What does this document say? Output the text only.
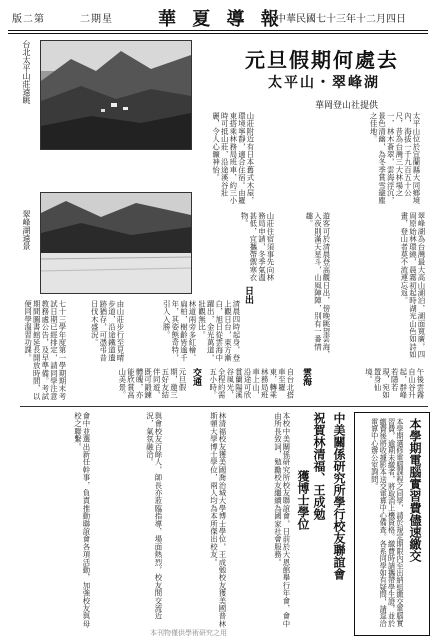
版二第	二期星	華 夏 導 報
中華民國七十三年十二月四日
台北太平山莊遠眺
翠峰湖遠景
元旦假期何處去
太平山・翠峰湖
華岡登山社提供
太平山位於宜蘭縣大同鄉境內，海拔一千九百五十公尺，昔為台灣三大林場之一，林木蒼翠，雲海浮沉，景色清幽，為冬季賞雪避塵之佳地。
山莊附近有日本舊式木屋，環境寧靜，適合住宿。由羅東搭乘林務局班車，約三小時可抵山莊，沿途溪谷壯麗，令人心曠神怡。
翠峰湖為台灣最大高山湖泊，湖面寬廣，四周原始林環繞，晨霧初起時湖光山色如詩如畫，登山者莫不流連忘返。
遊客可於清晨登高觀日出，傍晚眺望雲海，入夜則滿天星斗，山風陣陣，別有一番情趣。
山莊住宿須事先向林務局申請，冬季氣溫甚低，宜攜帶禦寒衣物。
日出
清晨四時起身，登上觀日台，東方漸白，旭日從雲海中躍出，金光萬道，壯觀無比。
林道兩旁多紅檜、扁柏，樹齡皆逾千年，其姿態奇特，引人入勝。
由山莊步行至見晴步道，沿途鐵道遺跡猶存，可憑弔昔日伐木盛況。
雲海	午後雲霧自山谷升起，群峰若隱若現，宛如置身仙境。
自台北搭車至羅東，轉乘林務局班車上山，沿途可欣賞蘭陽溪谷風光，全程約需五小時。
交通
元旦假期，邀三五好友結伴同遊，既可鍛鍊體魄，亦能欣賞高山美景。
七十三學年度第一學期期末考試日期已經排定，請同學注意教務處公告，及早準備。考試期間圖書館延長開放時間，以便同學溫習功課。
本學期電腦實習費儘速繳交
本學期選修電腦課程之同學，請於規定期限內至出納組繳交電腦實習費，逾期未繳者，將取消上機資格。繳費時請攜帶學生證，並於繳費後將收據影本送交電算中心備查。各系同學如有疑問，請逕洽電算中心辦公室詢問。
中美關係研究所學行校友聯誼會
祝賀林清福、王成勉
獲博士學位
本校中美關係研究所校友聯誼會，日前於大恩館舉行年會，會中由所長致詞，勉勵校友繼續為國家社會服務。
林清福校友獲美國喬治城大學博士學位，王成勉校友獲美國普林斯頓大學博士學位，兩人均為本所傑出校友。
與會校友百餘人，師長亦蒞臨指導，場面熱烈，校友間交流近況，氣氛融洽。
會中並選出新任幹事，負責推動聯誼會各項活動，加強校友與母校之聯繫。
本刊物僅供學術研究之用
